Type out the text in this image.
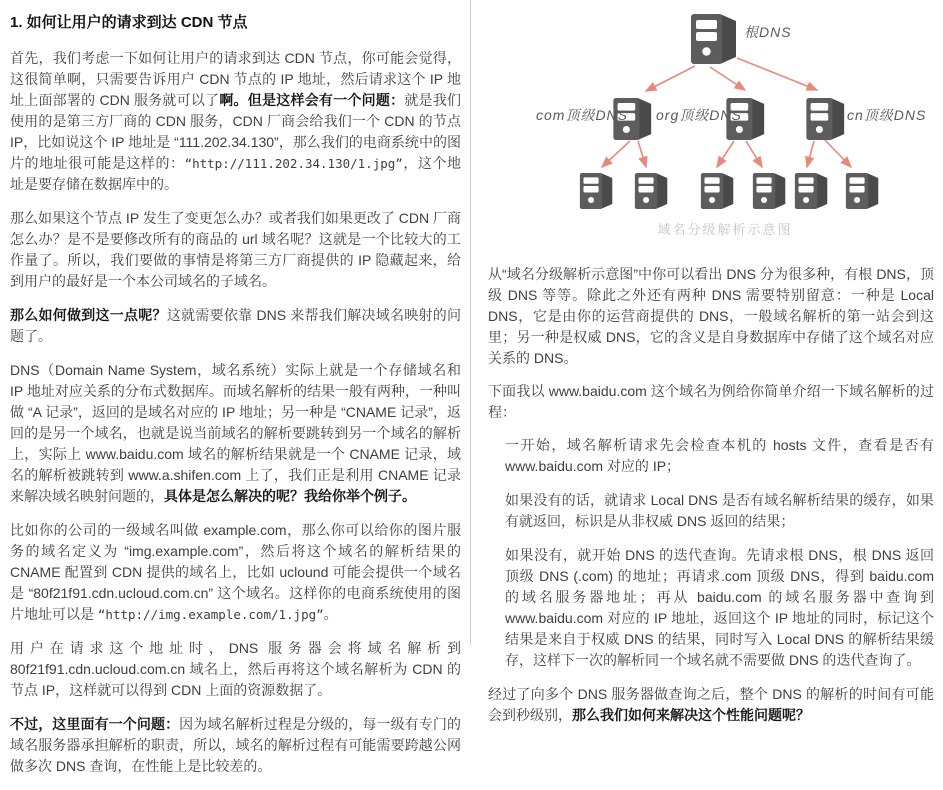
1. 如何让用户的请求到达 CDN 节点

首先，我们考虑一下如何让用户的请求到达 CDN 节点，你可能会觉得，这很简单啊，只需要告诉用户 CDN 节点的 IP 地址，然后请求这个 IP 地址上面部署的 CDN 服务就可以了啊。但是这样会有一个问题：就是我们使用的是第三方厂商的 CDN 服务，CDN 厂商会给我们一个 CDN 的节点 IP，比如说这个 IP 地址是 “111.202.34.130”，那么我们的电商系统中的图片的地址很可能是这样的：“http://111.202.34.130/1.jpg”，这个地址是要存储在数据库中的。

那么如果这个节点 IP 发生了变更怎么办？或者我们如果更改了 CDN 厂商怎么办？是不是要修改所有的商品的 url 域名呢？这就是一个比较大的工作量了。所以，我们要做的事情是将第三方厂商提供的 IP 隐藏起来，给到用户的最好是一个本公司域名的子域名。

那么如何做到这一点呢？这就需要依靠 DNS 来帮我们解决域名映射的问题了。

DNS（Domain Name System，域名系统）实际上就是一个存储域名和 IP 地址对应关系的分布式数据库。而域名解析的结果一般有两种，一种叫做 “A 记录”，返回的是域名对应的 IP 地址；另一种是 “CNAME 记录”，返回的是另一个域名，也就是说当前域名的解析要跳转到另一个域名的解析上，实际上 www.baidu.com 域名的解析结果就是一个 CNAME 记录，域名的解析被跳转到 www.a.shifen.com 上了，我们正是利用 CNAME 记录来解决域名映射问题的，具体是怎么解决的呢？我给你举个例子。

比如你的公司的一级域名叫做 example.com，那么你可以给你的图片服务的域名定义为 “img.example.com”，然后将这个域名的解析结果的 CNAME 配置到 CDN 提供的域名上，比如 uclound 可能会提供一个域名是 “80f21f91.cdn.ucloud.com.cn” 这个域名。这样你的电商系统使用的图片地址可以是 “http://img.example.com/1.jpg”。

用户在请求这个地址时，DNS 服务器会将域名解析到 80f21f91.cdn.ucloud.com.cn 域名上，然后再将这个域名解析为 CDN 的节点 IP，这样就可以得到 CDN 上面的资源数据了。

不过，这里面有一个问题：因为域名解析过程是分级的，每一级有专门的域名服务器承担解析的职责，所以，域名的解析过程有可能需要跨越公网做多次 DNS 查询，在性能上是比较差的。

根DNS
com顶级DNS org顶级DNS	cn顶级DNS
域名分级解析示意图

从“域名分级解析示意图”中你可以看出 DNS 分为很多种，有根 DNS，顶级 DNS 等等。除此之外还有两种 DNS 需要特别留意：一种是 Local DNS，它是由你的运营商提供的 DNS，一般域名解析的第一站会到这里；另一种是权威 DNS，它的含义是自身数据库中存储了这个域名对应关系的 DNS。

下面我以 www.baidu.com 这个域名为例给你简单介绍一下域名解析的过程：

一开始，域名解析请求先会检查本机的 hosts 文件，查看是否有 www.baidu.com 对应的 IP；

如果没有的话，就请求 Local DNS 是否有域名解析结果的缓存，如果有就返回，标识是从非权威 DNS 返回的结果；

如果没有，就开始 DNS 的迭代查询。先请求根 DNS，根 DNS 返回顶级 DNS (.com) 的地址；再请求.com 顶级 DNS，得到 baidu.com 的域名服务器地址；再从 baidu.com 的域名服务器中查询到 www.baidu.com 对应的 IP 地址，返回这个 IP 地址的同时，标记这个结果是来自于权威 DNS 的结果，同时写入 Local DNS 的解析结果缓存，这样下一次的解析同一个域名就不需要做 DNS 的迭代查询了。

经过了向多个 DNS 服务器做查询之后，整个 DNS 的解析的时间有可能会到秒级别，那么我们如何来解决这个性能问题呢？
